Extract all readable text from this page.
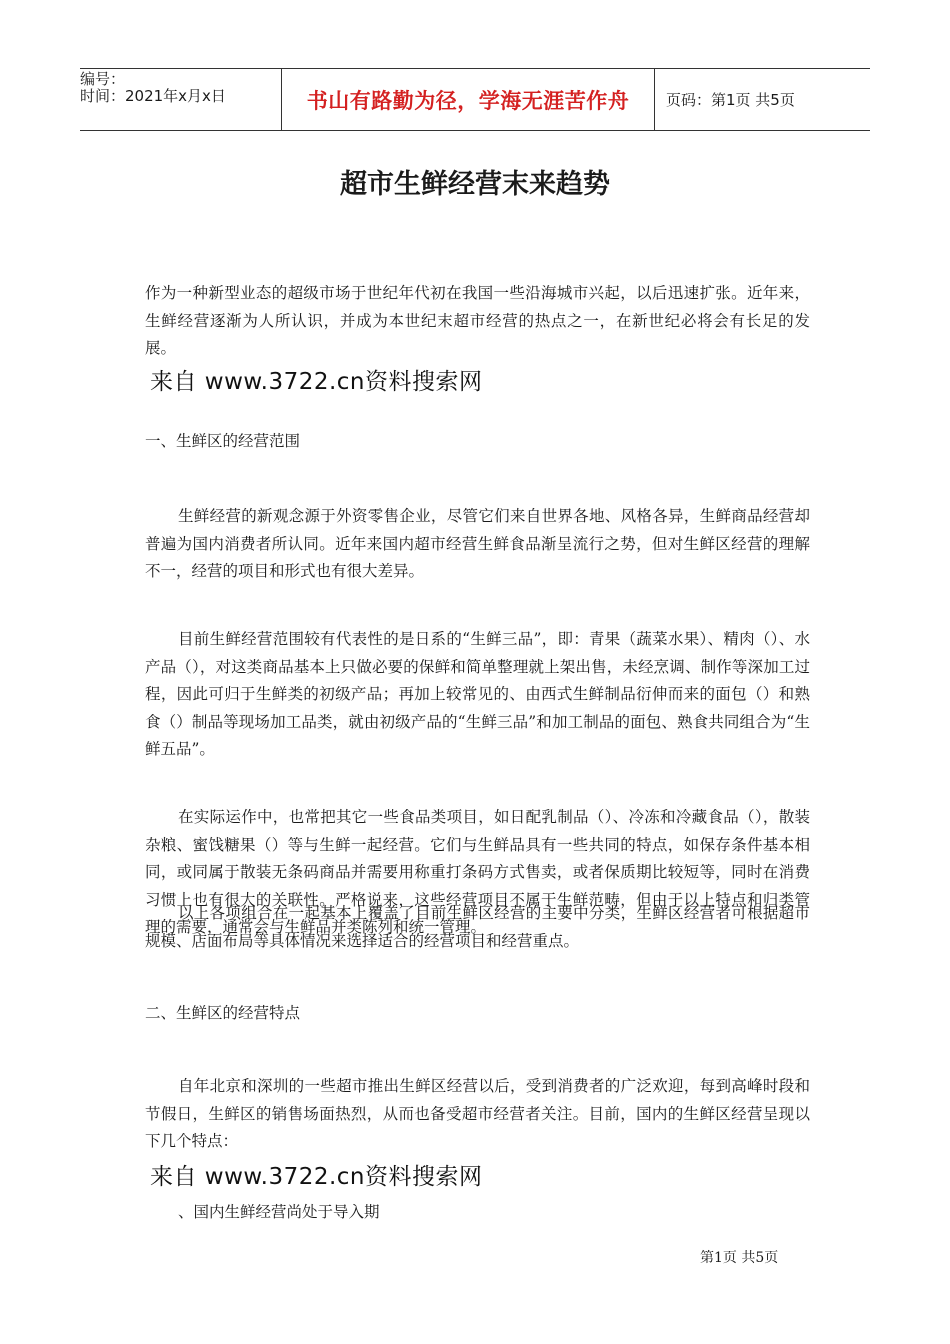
编号：
时间：2021年x月x日	书山有路勤为径，学海无涯苦作舟 页码：第1页 共5页
超市生鲜经营末来趋势

作为一种新型业态的超级市场于世纪年代初在我国一些沿海城市兴起，以后迅速扩张。近年来，生鲜经营逐渐为人所认识，并成为本世纪末超市经营的热点之一，在新世纪必将会有长足的发展。

来自 www.3722.cn资料搜索网

一、生鲜区的经营范围

生鲜经营的新观念源于外资零售企业，尽管它们来自世界各地、风格各异，生鲜商品经营却普遍为国内消费者所认同。近年来国内超市经营生鲜食品渐呈流行之势，但对生鲜区经营的理解不一，经营的项目和形式也有很大差异。

目前生鲜经营范围较有代表性的是日系的“生鲜三品”，即：青果（蔬菜水果）、精肉（）、水产品（），对这类商品基本上只做必要的保鲜和简单整理就上架出售，未经烹调、制作等深加工过程，因此可归于生鲜类的初级产品；再加上较常见的、由西式生鲜制品衍伸而来的面包（）和熟食（）制品等现场加工品类，就由初级产品的“生鲜三品”和加工制品的面包、熟食共同组合为“生鲜五品”。

在实际运作中，也常把其它一些食品类项目，如日配乳制品（）、冷冻和冷藏食品（），散装杂粮、蜜饯糖果（）等与生鲜一起经营。它们与生鲜品具有一些共同的特点，如保存条件基本相同，或同属于散装无条码商品并需要用称重打条码方式售卖，或者保质期比较短等，同时在消费习惯上也有很大的关联性。严格说来，这些经营项目不属于生鲜范畴，但由于以上特点和归类管理的需要，通常会与生鲜品并类陈列和统一管理。

以上各项组合在一起基本上覆盖了目前生鲜区经营的主要中分类，生鲜区经营者可根据超市规模、店面布局等具体情况来选择适合的经营项目和经营重点。

二、生鲜区的经营特点

自年北京和深圳的一些超市推出生鲜区经营以后，受到消费者的广泛欢迎，每到高峰时段和节假日，生鲜区的销售场面热烈，从而也备受超市经营者关注。目前，国内的生鲜区经营呈现以下几个特点：

来自 www.3722.cn资料搜索网

、国内生鲜经营尚处于导入期

第1页 共5页
